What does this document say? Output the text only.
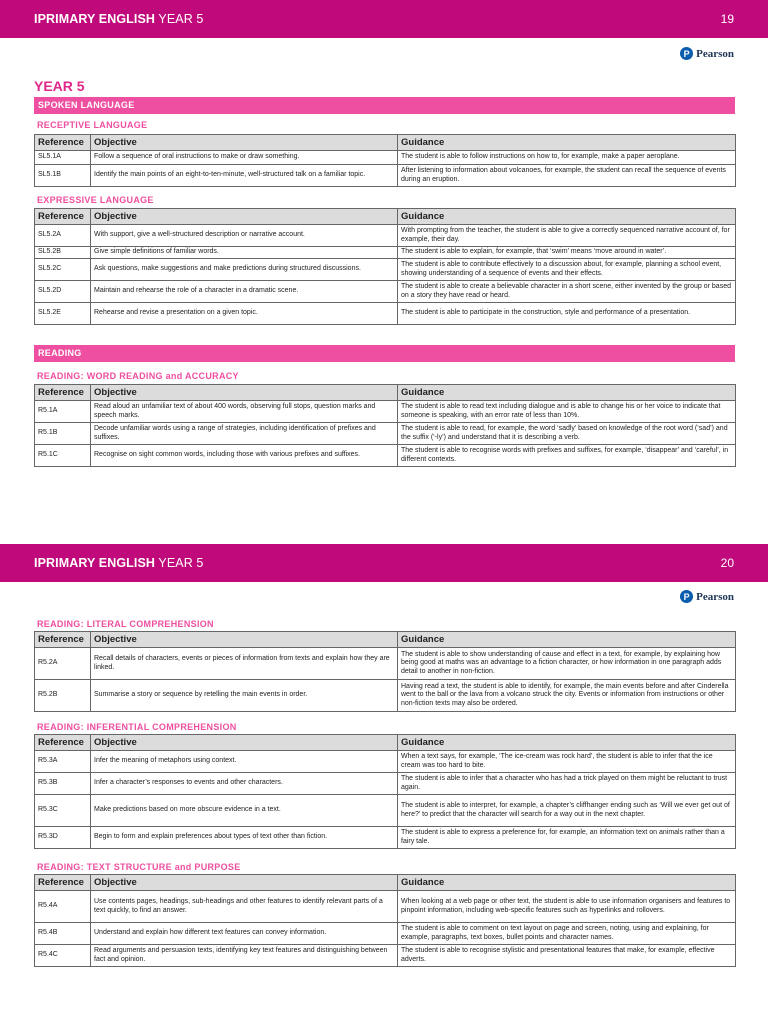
IPRIMARY ENGLISH YEAR 5	19
P Pearson
YEAR 5
SPOKEN LANGUAGE
RECEPTIVE LANGUAGE
Reference	Objective	Guidance
SL5.1A	Follow a sequence of oral instructions to make or draw something.	The student is able to follow instructions on how to, for example, make a paper aeroplane.
SL5.1B	Identify the main points of an eight-to-ten-minute, well-structured talk on a familiar topic.	After listening to information about volcanoes, for example, the student can recall the sequence of events during an eruption.
EXPRESSIVE LANGUAGE
Reference	Objective	Guidance
SL5.2A	With support, give a well-structured description or narrative account.	With prompting from the teacher, the student is able to give a correctly sequenced narrative account of, for example, their day.
SL5.2B	Give simple definitions of familiar words.	The student is able to explain, for example, that ‘swim’ means ‘move around in water’.
SL5.2C	Ask questions, make suggestions and make predictions during structured discussions.	The student is able to contribute effectively to a discussion about, for example, planning a school event, showing understanding of a sequence of events and their effects.
SL5.2D	Maintain and rehearse the role of a character in a dramatic scene.	The student is able to create a believable character in a short scene, either invented by the group or based on a story they have read or heard.
SL5.2E	Rehearse and revise a presentation on a given topic.	The student is able to participate in the construction, style and performance of a presentation.
READING
READING: WORD READING and ACCURACY
Reference	Objective	Guidance
R5.1A	Read aloud an unfamiliar text of about 400 words, observing full stops, question marks and speech marks.	The student is able to read text including dialogue and is able to change his or her voice to indicate that someone is speaking, with an error rate of less than 10%.
R5.1B	Decode unfamiliar words using a range of strategies, including identification of prefixes and suffixes.	The student is able to read, for example, the word ‘sadly’ based on knowledge of the root word (‘sad’) and the suffix (‘-ly’) and understand that it is describing a verb.
R5.1C	Recognise on sight common words, including those with various prefixes and suffixes.	The student is able to recognise words with prefixes and suffixes, for example, ‘disappear’ and ‘careful’, in different contexts.
IPRIMARY ENGLISH YEAR 5	20
P Pearson
READING: LITERAL COMPREHENSION
Reference	Objective	Guidance
R5.2A	Recall details of characters, events or pieces of information from texts and explain how they are linked.	The student is able to show understanding of cause and effect in a text, for example, by explaining how being good at maths was an advantage to a fiction character, or how information in one paragraph adds detail to another in non-fiction.
R5.2B	Summarise a story or sequence by retelling the main events in order.	Having read a text, the student is able to identify, for example, the main events before and after Cinderella went to the ball or the lava from a volcano struck the city. Events or information from instructions or other non-fiction texts may also be ordered.
READING: INFERENTIAL COMPREHENSION
Reference	Objective	Guidance
R5.3A	Infer the meaning of metaphors using context.	When a text says, for example, ‘The ice-cream was rock hard’, the student is able to infer that the ice cream was too hard to bite.
R5.3B	Infer a character’s responses to events and other characters.	The student is able to infer that a character who has had a trick played on them might be reluctant to trust again.
R5.3C	Make predictions based on more obscure evidence in a text.	The student is able to interpret, for example, a chapter’s cliffhanger ending such as ‘Will we ever get out of here?’ to predict that the character will search for a way out in the next chapter.
R5.3D	Begin to form and explain preferences about types of text other than fiction.	The student is able to express a preference for, for example, an information text on animals rather than a fairy tale.
READING: TEXT STRUCTURE and PURPOSE
Reference	Objective	Guidance
R5.4A	Use contents pages, headings, sub-headings and other features to identify relevant parts of a text quickly, to find an answer.	When looking at a web page or other text, the student is able to use information organisers and features to pinpoint information, including web-specific features such as hyperlinks and rollovers.
R5.4B	Understand and explain how different text features can convey information.	The student is able to comment on text layout on page and screen, noting, using and explaining, for example, paragraphs, text boxes, bullet points and character names.
R5.4C	Read arguments and persuasion texts, identifying key text features and distinguishing between fact and opinion.	The student is able to recognise stylistic and presentational features that make, for example, effective adverts.
